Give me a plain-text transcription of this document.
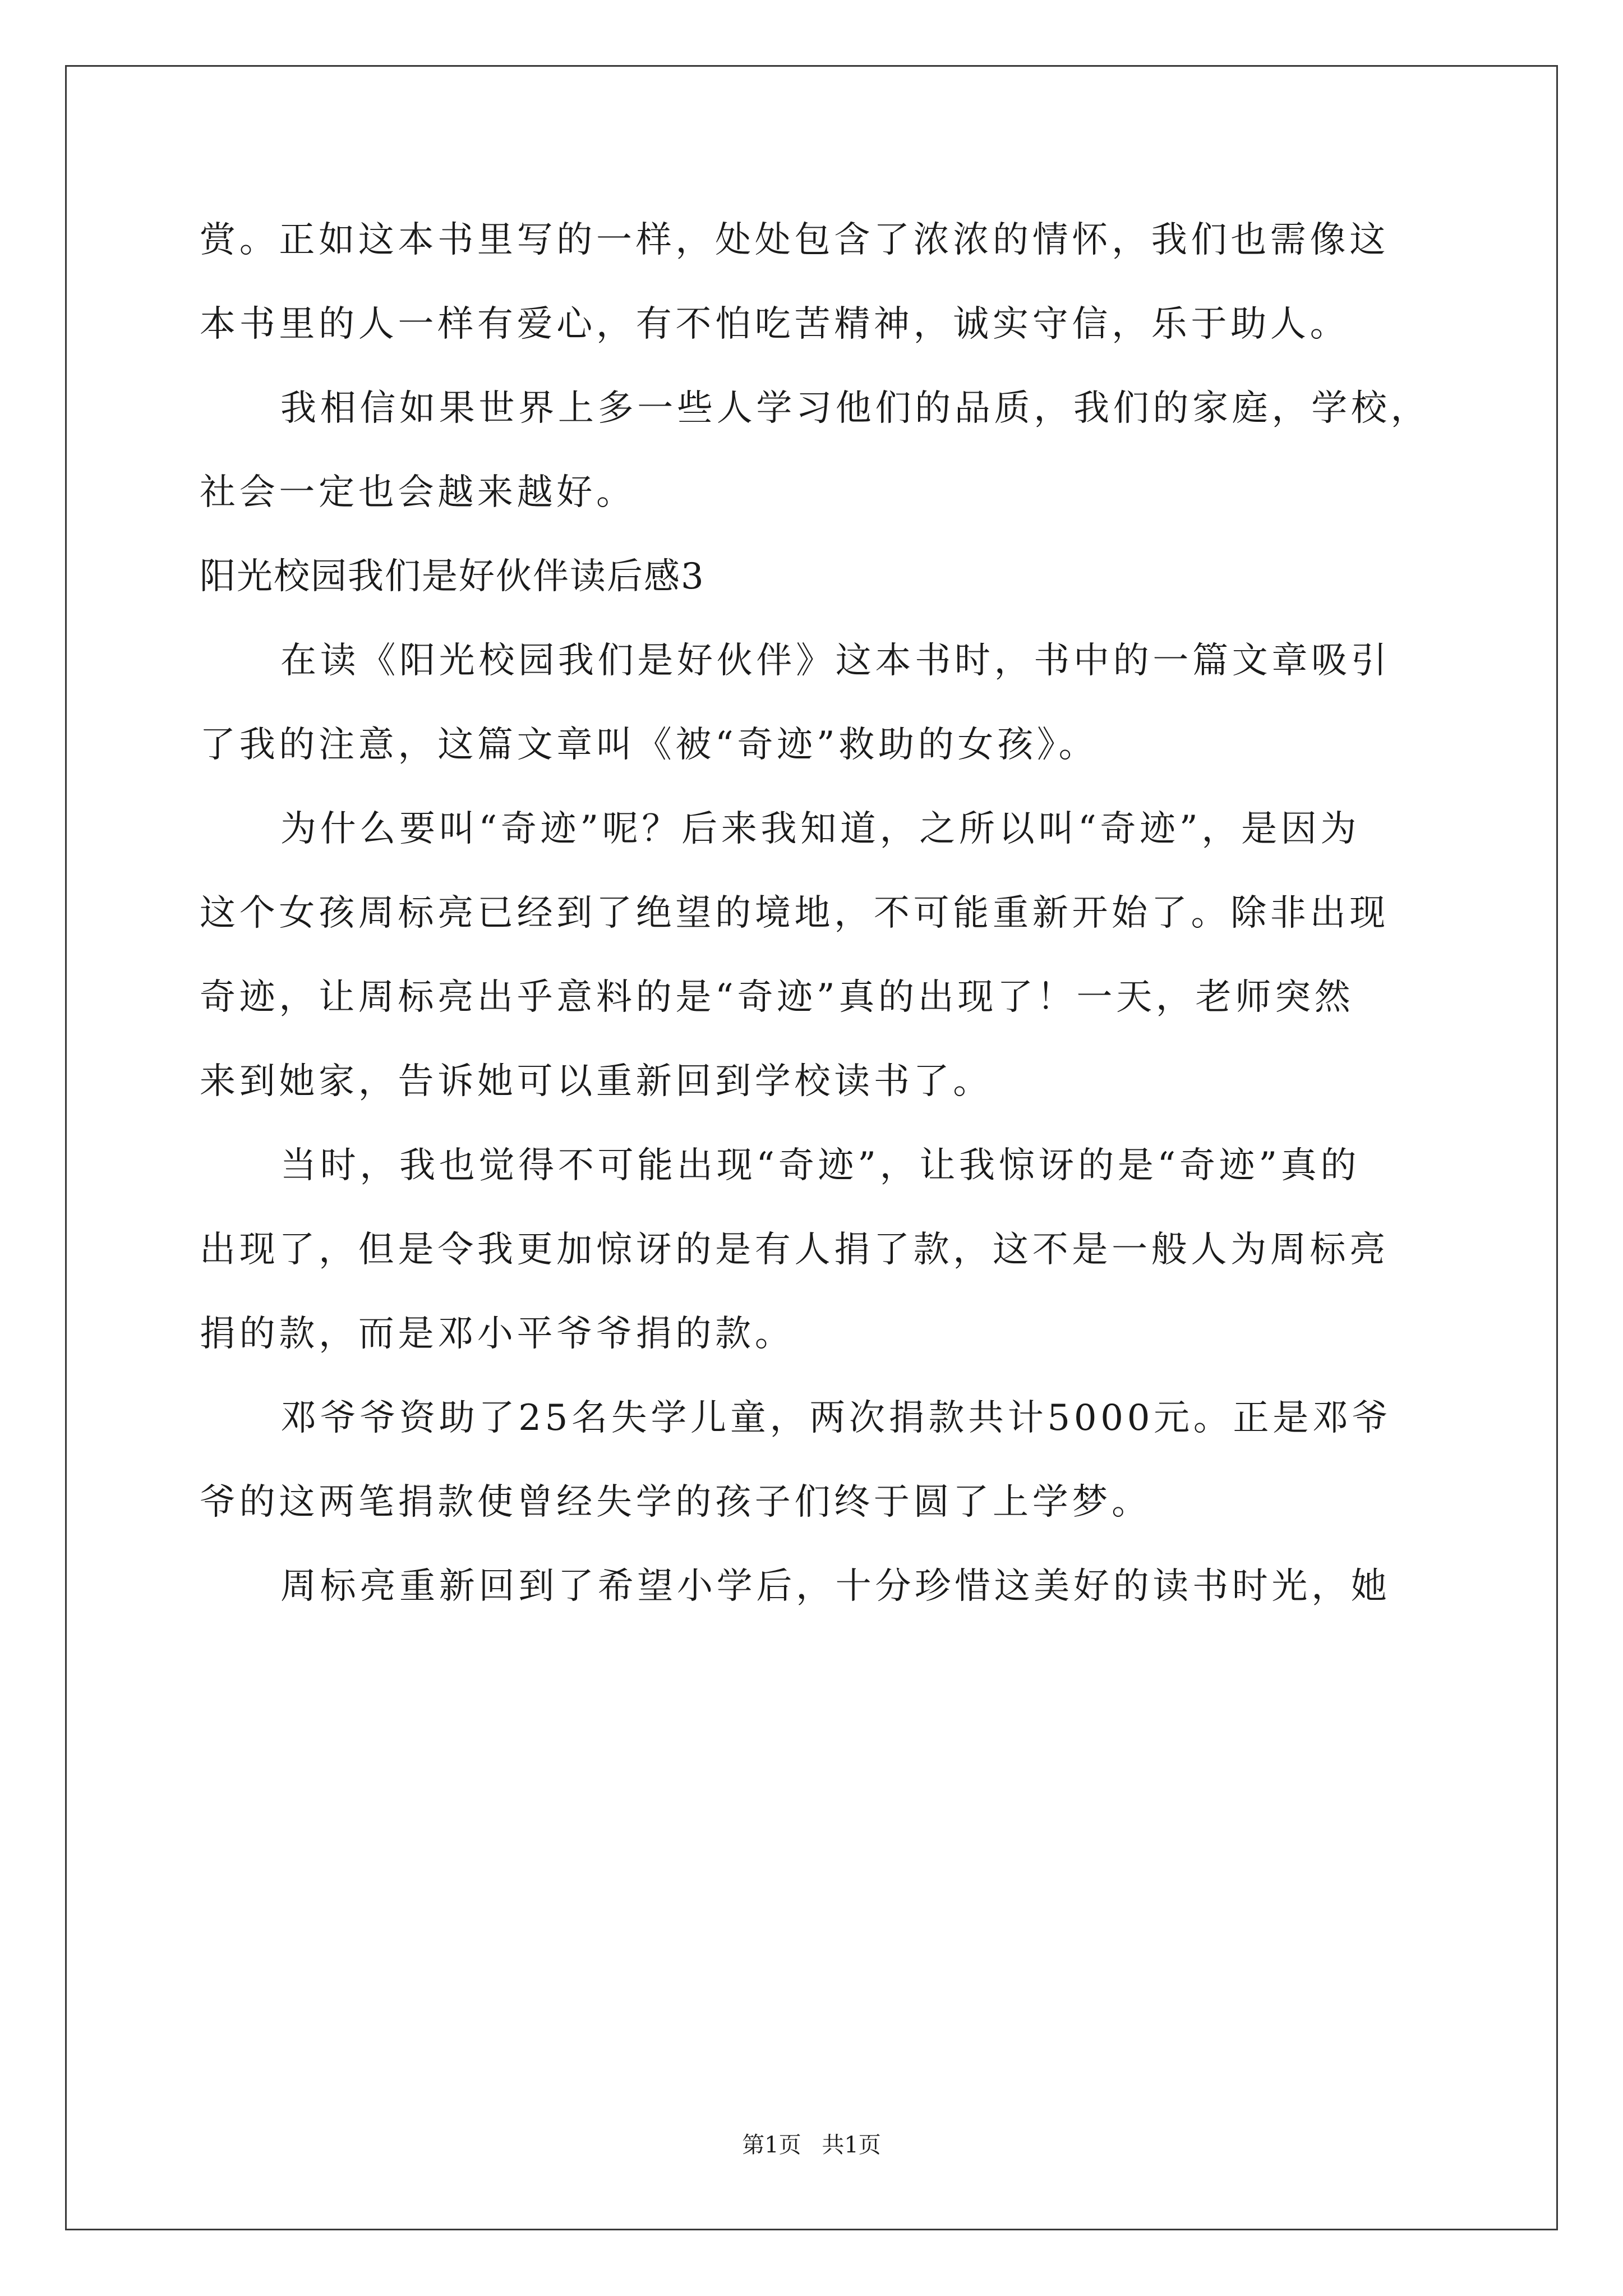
赏。正如这本书里写的一样，处处包含了浓浓的情怀，我们也需像这
本书里的人一样有爱心，有不怕吃苦精神，诚实守信，乐于助人。
我相信如果世界上多一些人学习他们的品质，我们的家庭，学校，
社会一定也会越来越好。
阳光校园我们是好伙伴读后感3
在读《阳光校园我们是好伙伴》这本书时，书中的一篇文章吸引
了我的注意，这篇文章叫《被“奇迹”救助的女孩》。
为什么要叫“奇迹”呢？后来我知道，之所以叫“奇迹”，是因为
这个女孩周标亮已经到了绝望的境地，不可能重新开始了。除非出现
奇迹，让周标亮出乎意料的是“奇迹”真的出现了！一天，老师突然
来到她家，告诉她可以重新回到学校读书了。
当时，我也觉得不可能出现“奇迹”，让我惊讶的是“奇迹”真的
出现了，但是令我更加惊讶的是有人捐了款，这不是一般人为周标亮
捐的款，而是邓小平爷爷捐的款。
邓爷爷资助了25名失学儿童，两次捐款共计5000元。正是邓爷
爷的这两笔捐款使曾经失学的孩子们终于圆了上学梦。
周标亮重新回到了希望小学后，十分珍惜这美好的读书时光，她
第1页 共1页
